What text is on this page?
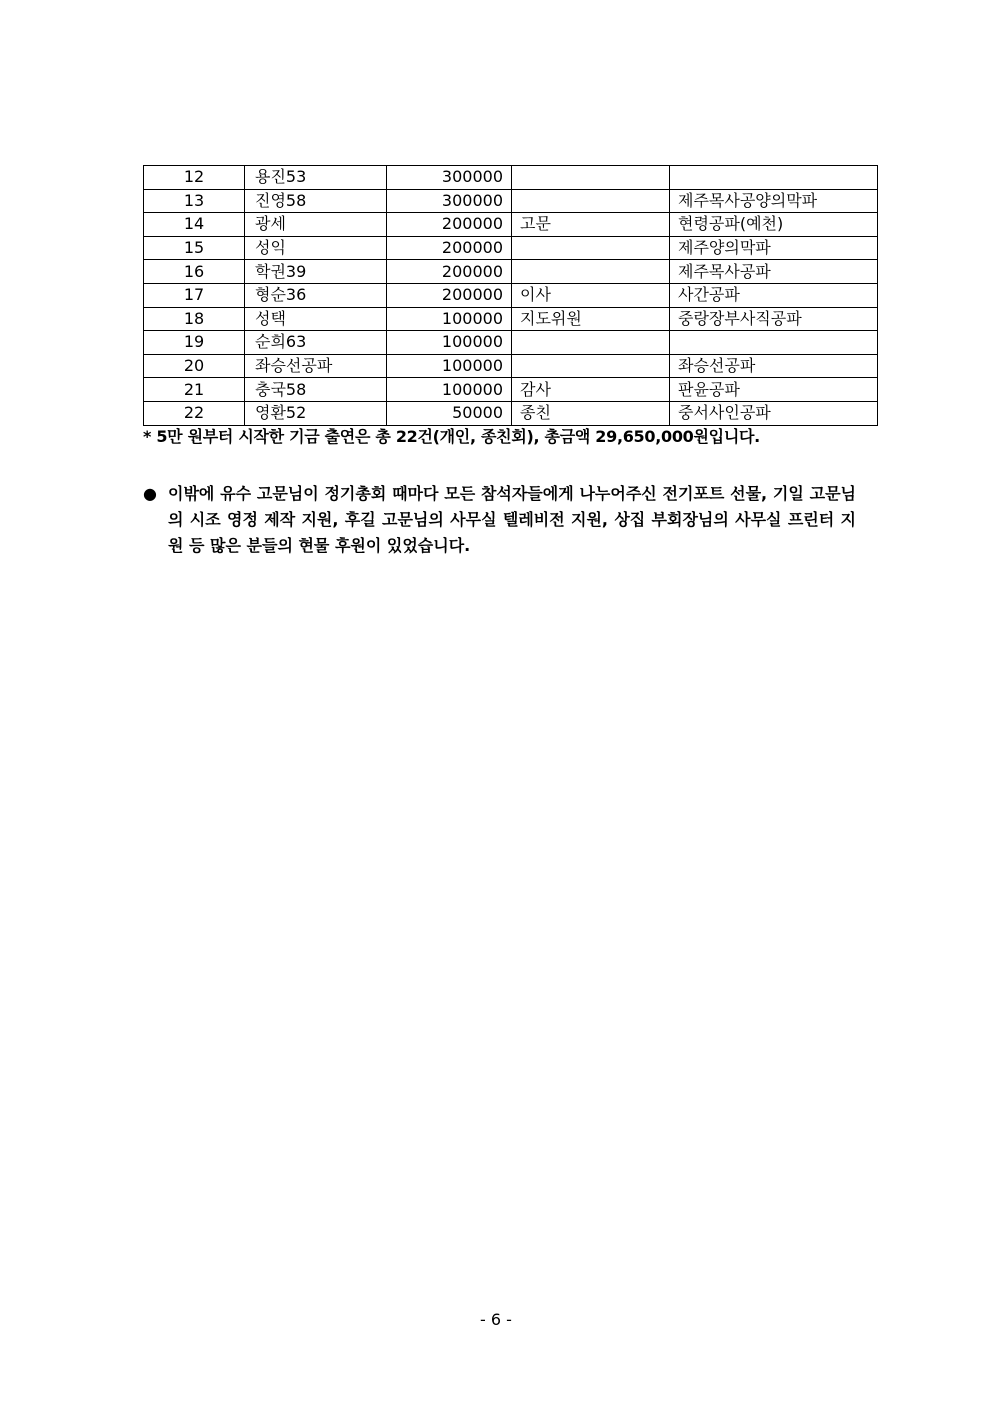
12	용진53	300000		
13	진영58	300000		제주목사공양의막파
14	광세	200000	고문	현령공파(예천)
15	성익	200000		제주양의막파
16	학권39	200000		제주목사공파
17	형순36	200000	이사	사간공파
18	성택	100000	지도위원	중랑장부사직공파
19	순희63	100000		
20	좌승선공파	100000		좌승선공파
21	충국58	100000	감사	판윤공파
22	영환52	50000	종친	중서사인공파
* 5만 원부터 시작한 기금 출연은 총 22건(개인, 종친회), 총금액 29,650,000원입니다.
● 이밖에 유수 고문님이 정기총회 때마다 모든 참석자들에게 나누어주신 전기포트 선물, 기일 고문님의 시조 영정 제작 지원, 후길 고문님의 사무실 텔레비전 지원, 상집 부회장님의 사무실 프린터 지원 등 많은 분들의 현물 후원이 있었습니다.
- 6 -
